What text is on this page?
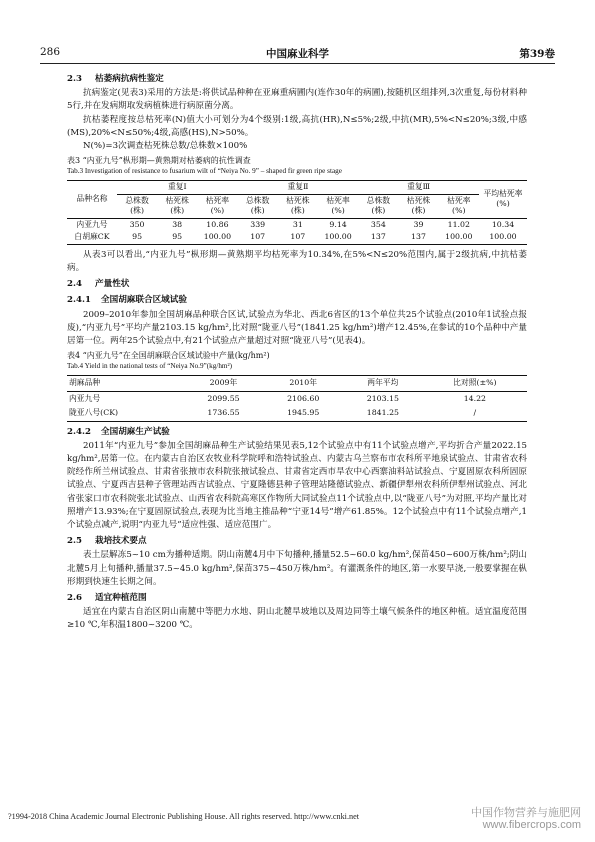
286	中国麻业科学	第39卷
2.3 枯萎病抗病性鉴定

抗病鉴定(见表3)采用的方法是:将供试品种种在亚麻重病圃内(连作30年的病圃),按随机区组排列,3次重复,每份材料种5行,并在发病期取发病植株进行病原菌分离。

抗枯萎程度按总枯死率(N)值大小可划分为4个级别:1级,高抗(HR),N≤5%;2级,中抗(MR),5%<N≤20%;3级,中感(MS),20%<N≤50%;4级,高感(HS),N>50%。

N(%)=3次调查枯死株总数/总株数×100%

表3 “内亚九号”枞形期—黄熟期对枯萎病的抗性调查
Tab.3 Investigation of resistance to fusarium wilt of “Neiya No. 9” – shaped fir green ripe stage
品种名称	重复Ⅰ			重复Ⅱ			重复Ⅲ			平均枯死率(%)
	总株数(株)	枯死株(株)	枯死率(%)	总株数(株)	枯死株(株)	枯死率(%)	总株数(株)	枯死株(株)	枯死率(%)	
内亚九号	350	38	10.86	339	31	9.14	354	39	11.02	10.34
白胡麻CK	95	95	100.00	107	107	100.00	137	137	100.00	100.00

从表3可以看出,“内亚九号”枞形期—黄熟期平均枯死率为10.34%,在5%<N≤20%范围内,属于2级抗病,中抗枯萎病。

2.4 产量性状
2.4.1 全国胡麻联合区域试验

2009–2010年参加全国胡麻品种联合区试,试验点为华北、西北6省区的13个单位共25个试验点(2010年1试验点报废),“内亚九号”平均产量2103.15 kg/hm²,比对照“陇亚八号”(1841.25 kg/hm²)增产12.45%,在参试的10个品种中产量居第一位。两年25个试验点中,有21个试验点产量超过对照“陇亚八号”(见表4)。

表4 “内亚九号”在全国胡麻联合区域试验中产量(kg/hm²)
Tab.4 Yield in the national tests of “Neiya No.9”(kg/hm²)
胡麻品种	2009年	2010年	两年平均	比对照(±%)
内亚九号	2099.55	2106.60	2103.15	14.22
陇亚八号(CK)	1736.55	1945.95	1841.25	/
2.4.2 全国胡麻生产试验

2011年“内亚九号”参加全国胡麻品种生产试验结果见表5,12个试验点中有11个试验点增产,平均折合产量2022.15 kg/hm²,居第一位。在内蒙古自治区农牧业科学院呼和浩特试验点、内蒙古乌兰察布市农科所平地泉试验点、甘肃省农科院经作所兰州试验点、甘肃省张掖市农科院张掖试验点、甘肃省定西市旱农中心西寨油料站试验点、宁夏固原农科所固原试验点、宁夏西吉县种子管理站西吉试验点、宁夏隆德县种子管理站隆德试验点、新疆伊犁州农科所伊犁州试验点、河北省张家口市农科院张北试验点、山西省农科院高寒区作物所大同试验点11个试验点中,以“陇亚八号”为对照,平均产量比对照增产13.93%;在宁夏固原试验点,表现为比当地主推品种“宁亚14号”增产61.85%。12个试验点中有11个试验点增产,1个试验点减产,说明“内亚九号”适应性强、适应范围广。

2.5 栽培技术要点

表土层解冻5~10 cm为播种适期。阴山南麓4月中下旬播种,播量52.5~60.0 kg/hm²,保苗450~600万株/hm²;阴山北麓5月上旬播种,播量37.5~45.0 kg/hm²,保苗375~450万株/hm²。有灌溉条件的地区,第一水要早浇,一般要掌握在枞形期到快速生长期之间。

2.6 适宜种植范围

适宜在内蒙古自治区阴山南麓中等肥力水地、阴山北麓旱坡地以及周边同等土壤气候条件的地区种植。适宜温度范围≥10 ℃,年积温1800~3200 ℃。

?1994-2018 China Academic Journal Electronic Publishing House. All rights reserved. http://www.cnki.net	中国作物营养与施肥网
www.fibercrops.com
